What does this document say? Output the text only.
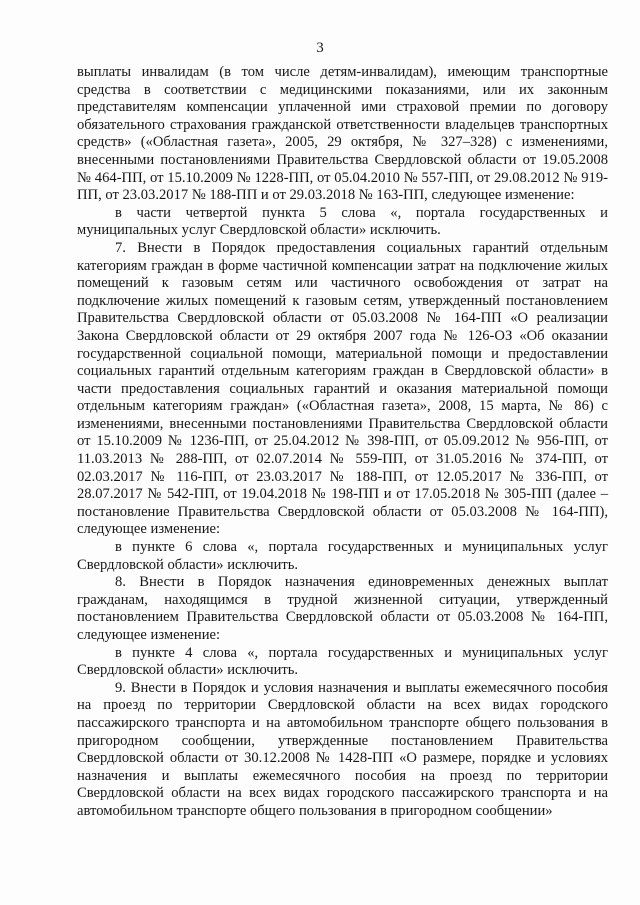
3

выплаты инвалидам (в том числе детям-инвалидам), имеющим транспортные средства в соответствии с медицинскими показаниями, или их законным представителям компенсации уплаченной ими страховой премии по договору обязательного страхования гражданской ответственности владельцев транспортных средств» («Областная газета», 2005, 29 октября, № 327–328) с изменениями, внесенными постановлениями Правительства Свердловской области от 19.05.2008 № 464-ПП, от 15.10.2009 № 1228-ПП, от 05.04.2010 № 557-ПП, от 29.08.2012 № 919-ПП, от 23.03.2017 № 188-ПП и от 29.03.2018 № 163-ПП, следующее изменение:

в части четвертой пункта 5 слова «, портала государственных и муниципальных услуг Свердловской области» исключить.

7. Внести в Порядок предоставления социальных гарантий отдельным категориям граждан в форме частичной компенсации затрат на подключение жилых помещений к газовым сетям или частичного освобождения от затрат на подключение жилых помещений к газовым сетям, утвержденный постановлением Правительства Свердловской области от 05.03.2008 № 164-ПП «О реализации Закона Свердловской области от 29 октября 2007 года № 126-ОЗ «Об оказании государственной социальной помощи, материальной помощи и предоставлении социальных гарантий отдельным категориям граждан в Свердловской области» в части предоставления социальных гарантий и оказания материальной помощи отдельным категориям граждан» («Областная газета», 2008, 15 марта, № 86) с изменениями, внесенными постановлениями Правительства Свердловской области от 15.10.2009 № 1236-ПП, от 25.04.2012 № 398-ПП, от 05.09.2012 № 956-ПП, от 11.03.2013 № 288-ПП, от 02.07.2014 № 559-ПП, от 31.05.2016 № 374-ПП, от 02.03.2017 № 116-ПП, от 23.03.2017 № 188-ПП, от 12.05.2017 № 336-ПП, от 28.07.2017 № 542-ПП, от 19.04.2018 № 198-ПП и от 17.05.2018 № 305-ПП (далее – постановление Правительства Свердловской области от 05.03.2008 № 164-ПП), следующее изменение:

в пункте 6 слова «, портала государственных и муниципальных услуг Свердловской области» исключить.

8. Внести в Порядок назначения единовременных денежных выплат гражданам, находящимся в трудной жизненной ситуации, утвержденный постановлением Правительства Свердловской области от 05.03.2008 № 164-ПП, следующее изменение:

в пункте 4 слова «, портала государственных и муниципальных услуг Свердловской области» исключить.

9. Внести в Порядок и условия назначения и выплаты ежемесячного пособия на проезд по территории Свердловской области на всех видах городского пассажирского транспорта и на автомобильном транспорте общего пользования в пригородном сообщении, утвержденные постановлением Правительства Свердловской области от 30.12.2008 № 1428-ПП «О размере, порядке и условиях назначения и выплаты ежемесячного пособия на проезд по территории Свердловской области на всех видах городского пассажирского транспорта и на автомобильном транспорте общего пользования в пригородном сообщении»
